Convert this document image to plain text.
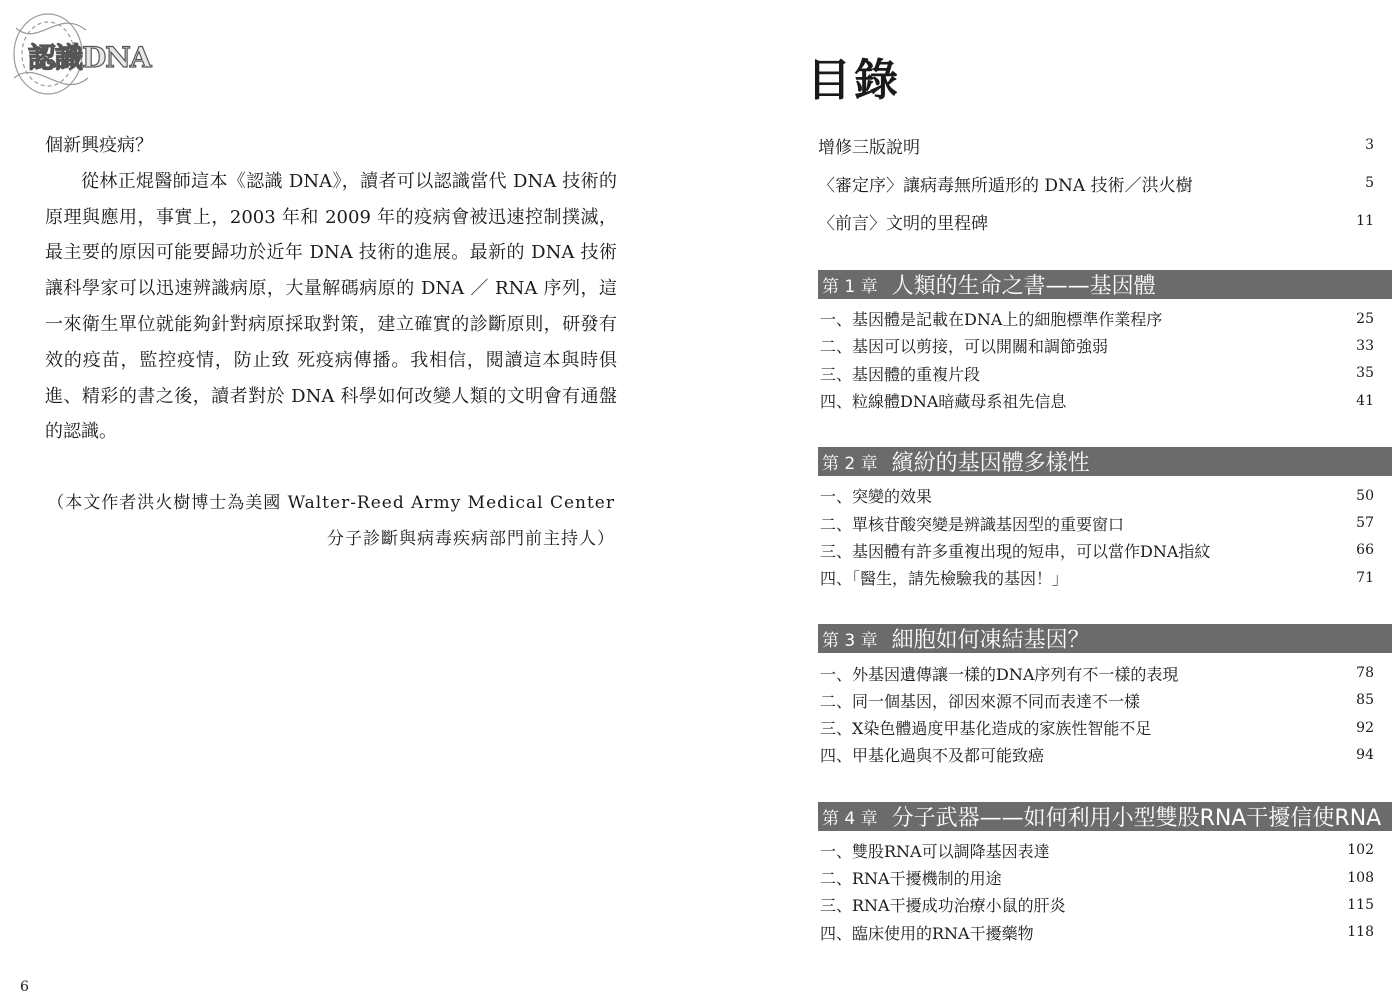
認識DNA

個新興疫病？

從林正焜醫師這本《認識 DNA》，讀者可以認識當代 DNA 技術的原理與應用，事實上，2003 年和 2009 年的疫病會被迅速控制撲滅，最主要的原因可能要歸功於近年 DNA 技術的進展。最新的 DNA 技術讓科學家可以迅速辨識病原，大量解碼病原的 DNA ／ RNA 序列，這一來衛生單位就能夠針對病原採取對策，建立確實的診斷原則，研發有效的疫苗，監控疫情，防止致 死疫病傳播。我相信，閱讀這本與時俱進、精彩的書之後，讀者對於 DNA 科學如何改變人類的文明會有通盤的認識。

（本文作者洪火樹博士為美國 Walter-Reed Army Medical Center
分子診斷與病毒疾病部門前主持人）
6
目錄
增修三版說明	3
〈審定序〉讓病毒無所遁形的 DNA 技術／洪火樹	5
〈前言〉文明的里程碑	11
第 1 章 人類的生命之書——基因體
一、基因體是記載在DNA上的細胞標準作業程序	25
二、基因可以剪接，可以開關和調節強弱	33
三、基因體的重複片段	35
四、粒線體DNA暗藏母系祖先信息	41
第 2 章 繽紛的基因體多樣性
一、突變的效果	50
二、單核苷酸突變是辨識基因型的重要窗口	57
三、基因體有許多重複出現的短串，可以當作DNA指紋	66
四、「醫生，請先檢驗我的基因！」	71
第 3 章 細胞如何凍結基因？
一、外基因遺傳讓一樣的DNA序列有不一樣的表現	78
二、同一個基因，卻因來源不同而表達不一樣	85
三、X染色體過度甲基化造成的家族性智能不足	92
四、甲基化過與不及都可能致癌	94
第 4 章 分子武器——如何利用小型雙股RNA干擾信使RNA
一、雙股RNA可以調降基因表達	102
二、RNA干擾機制的用途	108
三、RNA干擾成功治療小鼠的肝炎	115
四、臨床使用的RNA干擾藥物	118
